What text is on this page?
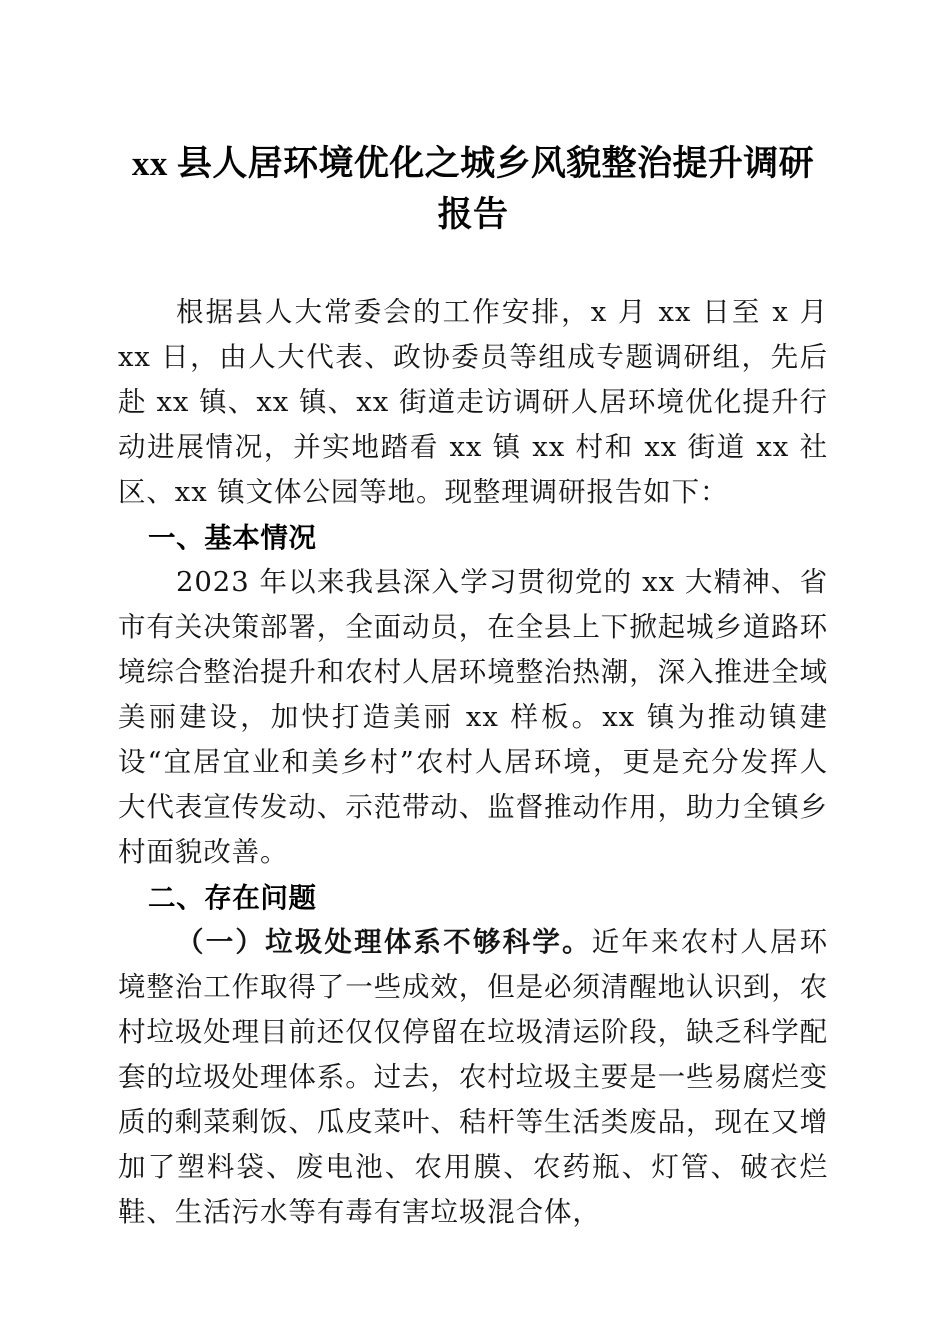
xx 县人居环境优化之城乡风貌整治提升调研 报告

根据县人大常委会的工作安排，x 月 xx 日至 x 月 xx 日，由人大代表、政协委员等组成专题调研组，先后赴 xx 镇、xx 镇、xx 街道走访调研人居环境优化提升行动进展情况，并实地踏看 xx 镇 xx 村和 xx 街道 xx 社区、xx 镇文体公园等地。现整理调研报告如下：

一、基本情况

2023 年以来我县深入学习贯彻党的 xx 大精神、省市有关决策部署，全面动员，在全县上下掀起城乡道路环境综合整治提升和农村人居环境整治热潮，深入推进全域美丽建设，加快打造美丽 xx 样板。xx 镇为推动镇建设“宜居宜业和美乡村”农村人居环境，更是充分发挥人大代表宣传发动、示范带动、监督推动作用，助力全镇乡村面貌改善。

二、存在问题

（一）垃圾处理体系不够科学。近年来农村人居环境整治工作取得了一些成效，但是必须清醒地认识到，农村垃圾处理目前还仅仅停留在垃圾清运阶段，缺乏科学配套的垃圾处理体系。过去，农村垃圾主要是一些易腐烂变质的剩菜剩饭、瓜皮菜叶、秸杆等生活类废品，现在又增加了塑料袋、废电池、农用膜、农药瓶、灯管、破衣烂鞋、生活污水等有毒有害垃圾混合体，
